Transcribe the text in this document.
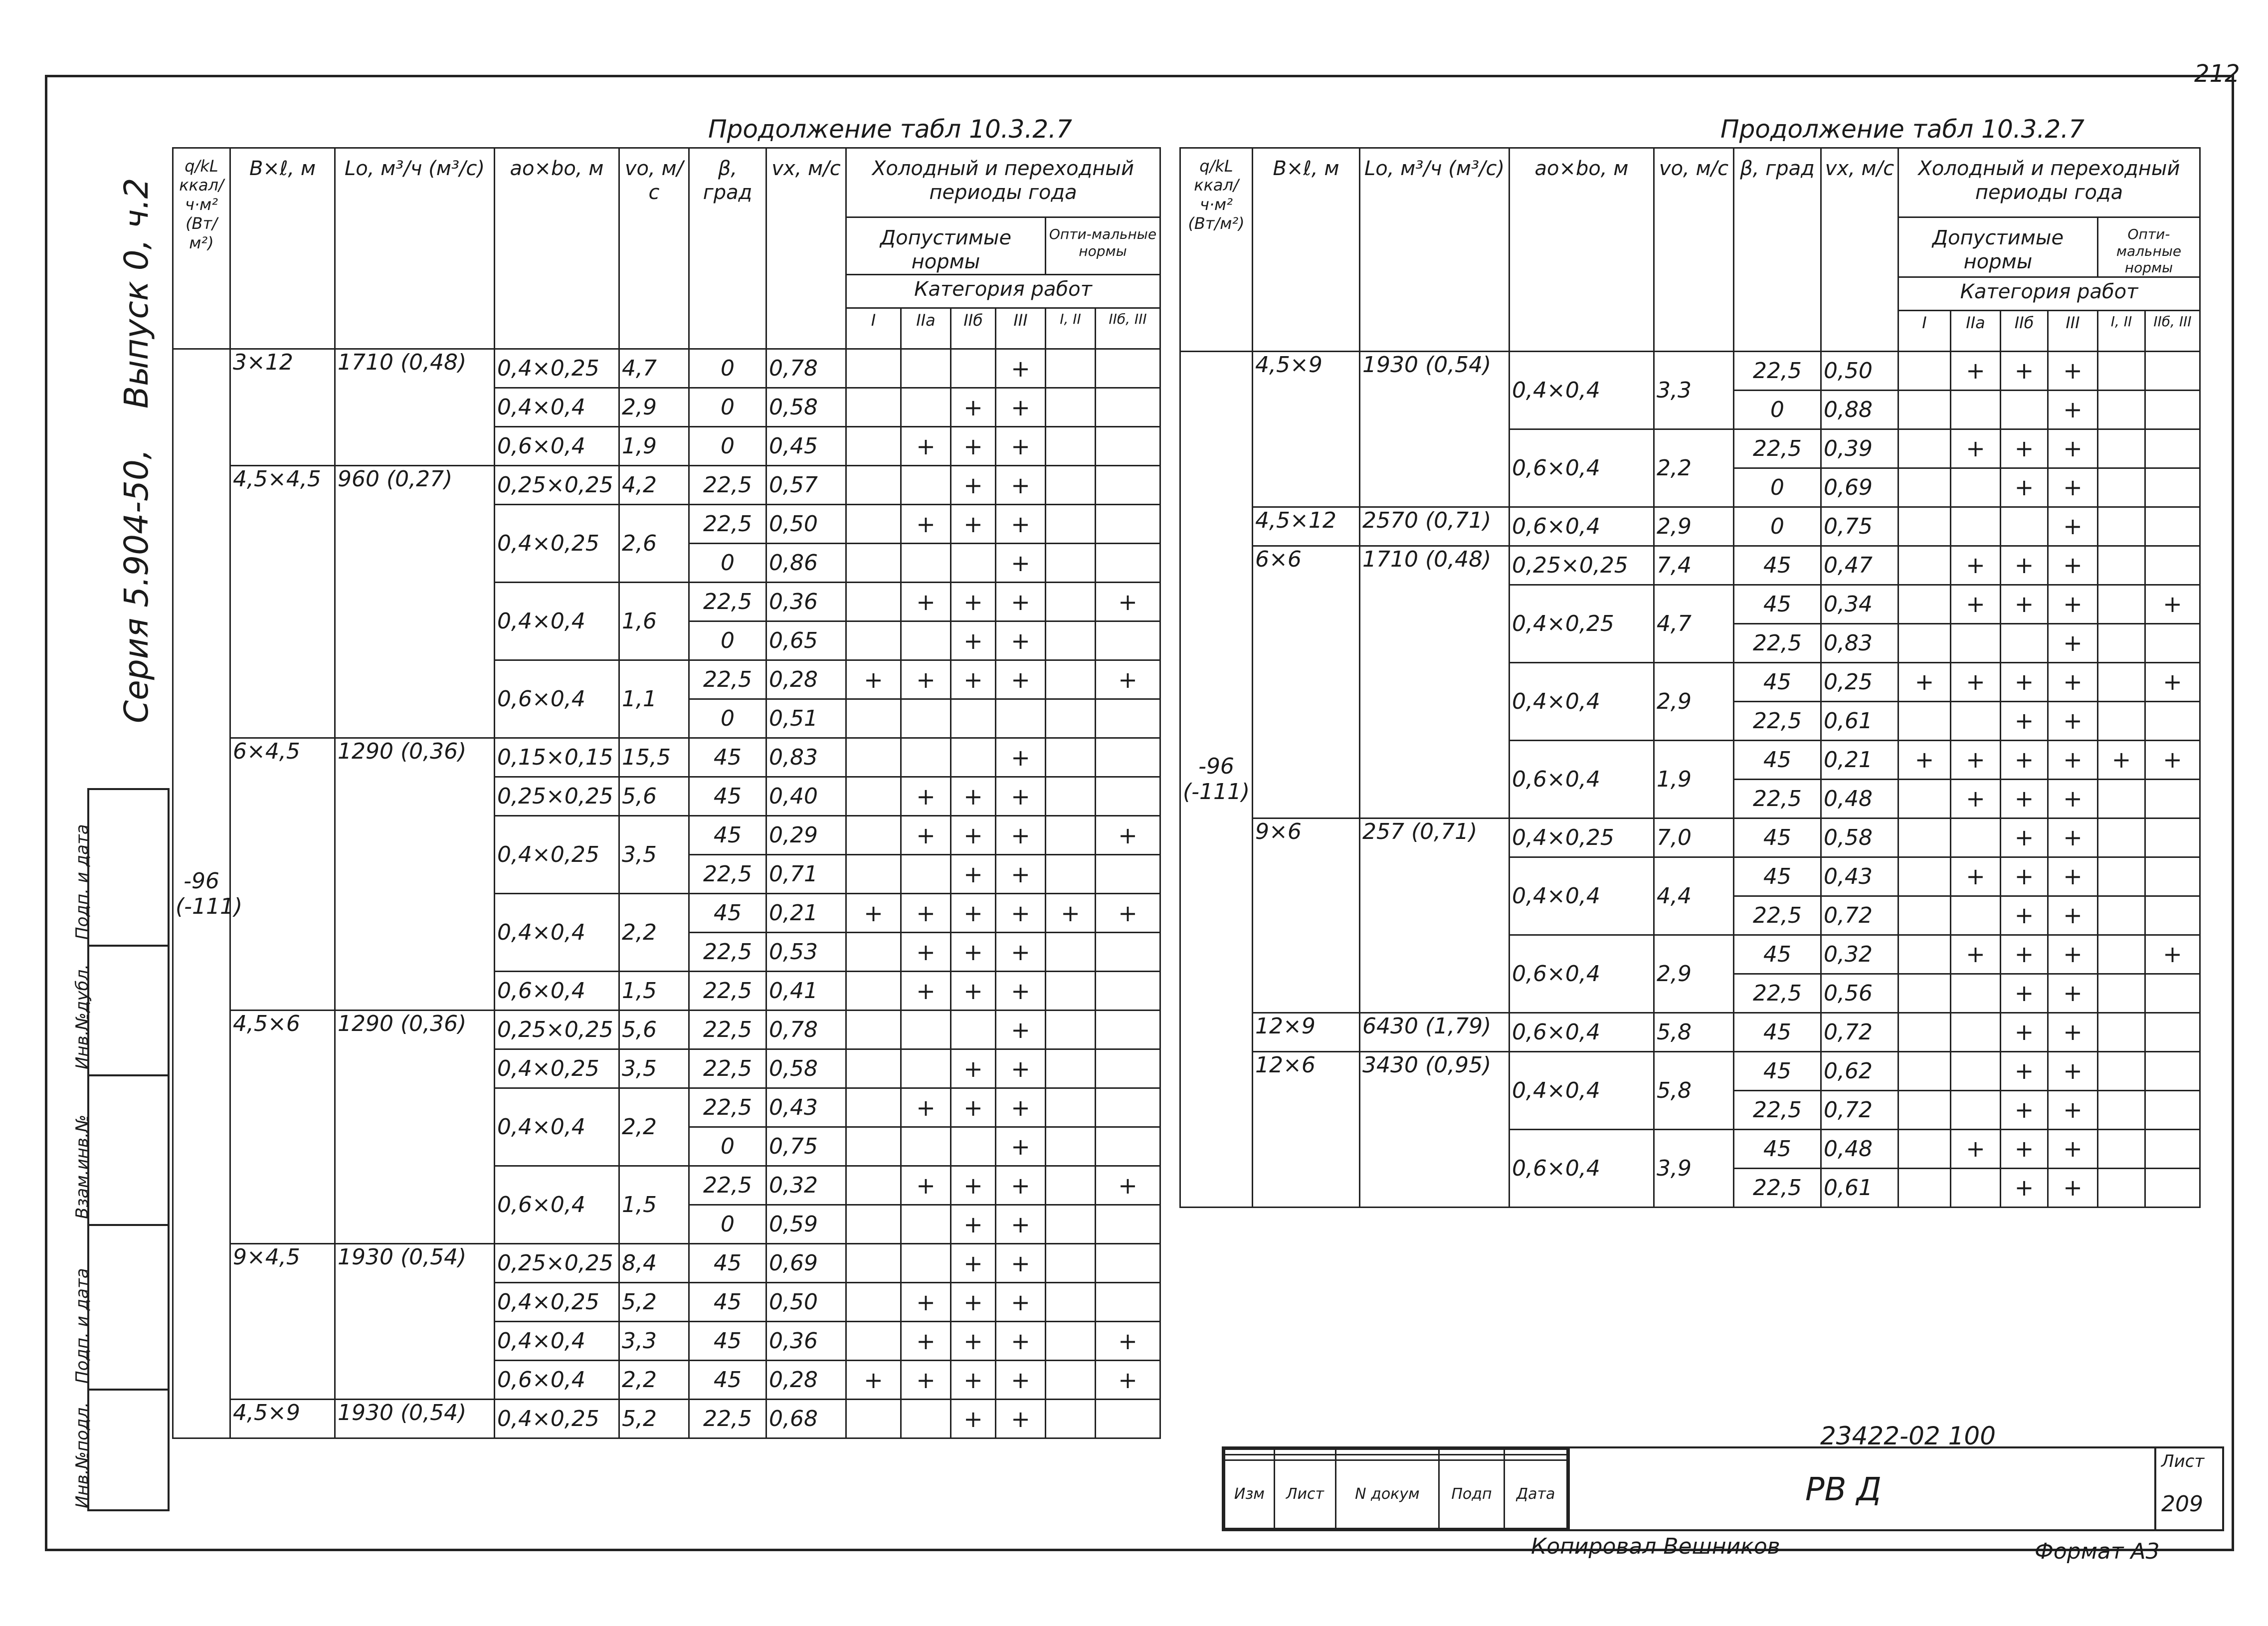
212
Серия 5.904-50, Выпуск 0, ч.2
Подп. и дата
Инв.№дубл.
Взам.инв.№
Подп. и дата
Инв.№подл.
Продолжение табл 10.3.2.7	Продолжение табл 10.3.2.7
q/kL ккал/ч·м² (Вт/м²)	B×ℓ, м	Lо, м³/ч (м³/с)	ао×bо, м	vо, м/с	β, град	vx, м/с	Холодный и переходный периоды года					
							Допустимые нормы				Опти-мальные нормы	
							Категория работ					
							I	IIа	IIб	III	I, II	IIб, III
-96 (-111)	3×12	1710 (0,48)	0,4×0,25	4,7	0	0,78				+		
			0,4×0,4	2,9	0	0,58			+	+		
			0,6×0,4	1,9	0	0,45		+	+	+		
	4,5×4,5	960 (0,27)	0,25×0,25	4,2	22,5	0,57			+	+		
			0,4×0,25	2,6	22,5	0,50		+	+	+		
					0	0,86				+		
			0,4×0,4	1,6	22,5	0,36		+	+	+		+
					0	0,65			+	+		
			0,6×0,4	1,1	22,5	0,28	+	+	+	+		+
					0	0,51						
	6×4,5	1290 (0,36)	0,15×0,15	15,5	45	0,83				+		
			0,25×0,25	5,6	45	0,40		+	+	+		
			0,4×0,25	3,5	45	0,29		+	+	+		+
					22,5	0,71			+	+		
			0,4×0,4	2,2	45	0,21	+	+	+	+	+	+
					22,5	0,53		+	+	+		
			0,6×0,4	1,5	22,5	0,41		+	+	+		
	4,5×6	1290 (0,36)	0,25×0,25	5,6	22,5	0,78				+		
			0,4×0,25	3,5	22,5	0,58			+	+		
			0,4×0,4	2,2	22,5	0,43		+	+	+		
					0	0,75				+		
			0,6×0,4	1,5	22,5	0,32		+	+	+		+
					0	0,59			+	+		
	9×4,5	1930 (0,54)	0,25×0,25	8,4	45	0,69			+	+		
			0,4×0,25	5,2	45	0,50		+	+	+		
			0,4×0,4	3,3	45	0,36		+	+	+		+
			0,6×0,4	2,2	45	0,28	+	+	+	+		+
	4,5×9	1930 (0,54)	0,4×0,25	5,2	22,5	0,68			+	+		
q/kL ккал/ч·м² (Вт/м²)	B×ℓ, м	Lо, м³/ч (м³/с)	ао×bо, м	vо, м/с	β, град	vx, м/с	Холодный и переходный периоды года					
							Допустимые нормы				Опти-мальные нормы	
							Категория работ					
							I	IIа	IIб	III	I, II	IIб, III
-96 (-111)	4,5×9	1930 (0,54)	0,4×0,4	3,3	22,5	0,50		+	+	+		
					0	0,88				+		
			0,6×0,4	2,2	22,5	0,39		+	+	+		
					0	0,69			+	+		
	4,5×12	2570 (0,71)	0,6×0,4	2,9	0	0,75				+		
	6×6	1710 (0,48)	0,25×0,25	7,4	45	0,47		+	+	+		
			0,4×0,25	4,7	45	0,34		+	+	+		+
					22,5	0,83				+		
			0,4×0,4	2,9	45	0,25	+	+	+	+		+
					22,5	0,61			+	+		
			0,6×0,4	1,9	45	0,21	+	+	+	+	+	+
					22,5	0,48		+	+	+		
	9×6	257 (0,71)	0,4×0,25	7,0	45	0,58			+	+		
			0,4×0,4	4,4	45	0,43		+	+	+		
					22,5	0,72			+	+		
			0,6×0,4	2,9	45	0,32		+	+	+		+
					22,5	0,56			+	+		
	12×9	6430 (1,79)	0,6×0,4	5,8	45	0,72			+	+		
	12×6	3430 (0,95)	0,4×0,4	5,8	45	0,62			+	+		
					22,5	0,72			+	+		
			0,6×0,4	3,9	45	0,48		+	+	+		
					22,5	0,61			+	+		
23422-02 100

Изм	Лист	N докум	Подп	Дата	РВ Д
Лист
209
Копировал Вешников	Формат А3
